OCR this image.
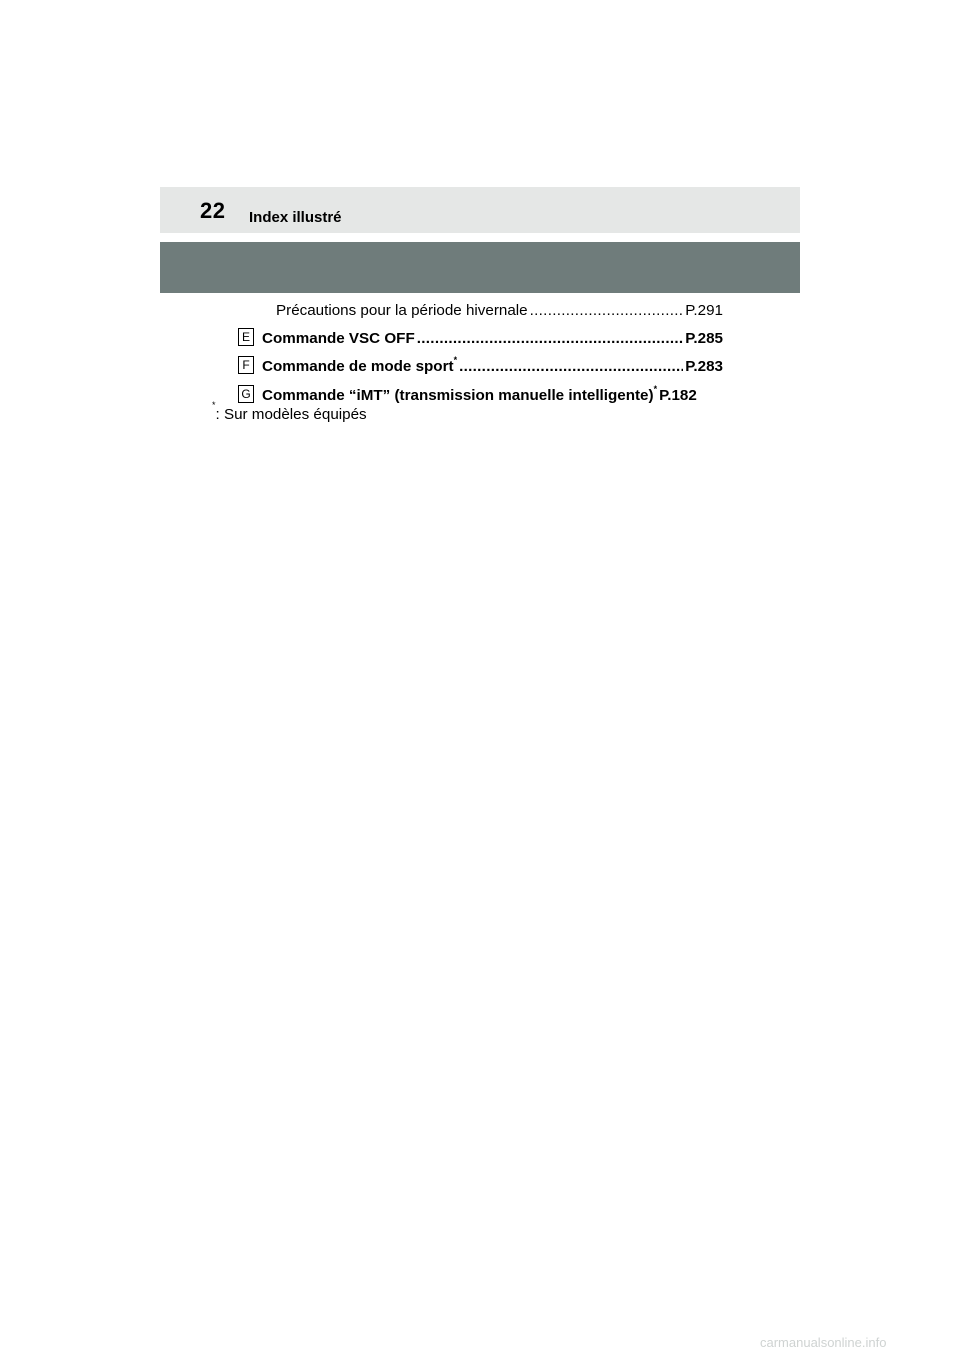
22 Index illustré
Précautions pour la période hivernale .....	P.291
E Commande VSC OFF .....	P.285
F Commande de mode sport* .....	P.283
G Commande “iMT” (transmission manuelle intelligente)* P.182
*: Sur modèles équipés
carmanualsonline.info
